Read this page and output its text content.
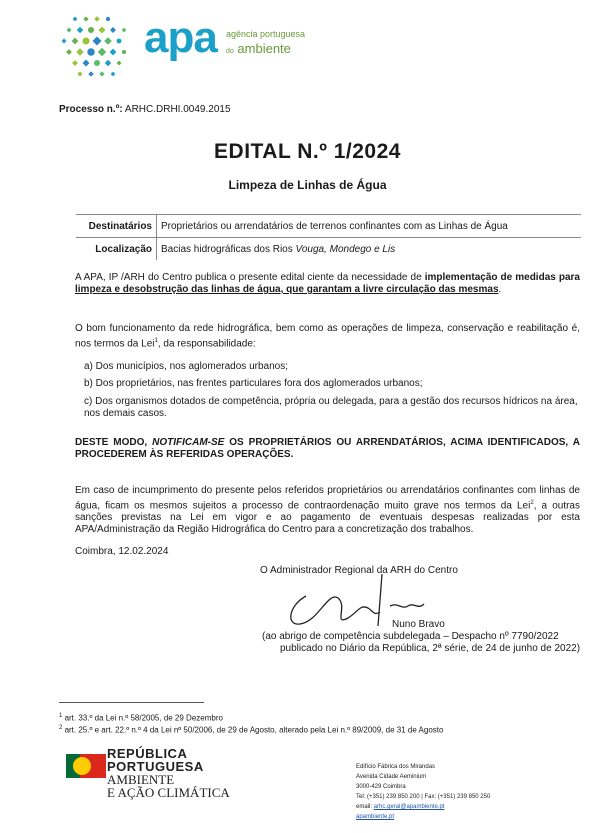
apa agência portuguesa
do ambiente
Processo n.º: ARHC.DRHI.0049.2015
EDITAL N.º 1/2024
Limpeza de Linhas de Água
Destinatários	Proprietários ou arrendatários de terrenos confinantes com as Linhas de Água
Localização	Bacias hidrográficas dos Rios Vouga, Mondego e Lis
A APA, IP /ARH do Centro publica o presente edital ciente da necessidade de implementação de medidas para limpeza e desobstrução das linhas de água, que garantam a livre circulação das mesmas.
O bom funcionamento da rede hidrográfica, bem como as operações de limpeza, conservação e reabilitação é, nos termos da Lei$^1$, da responsabilidade:
a) Dos municípios, nos aglomerados urbanos;
b) Dos proprietários, nas frentes particulares fora dos aglomerados urbanos;
c) Dos organismos dotados de competência, própria ou delegada, para a gestão dos recursos hídricos na área, nos demais casos.
DESTE MODO, NOTIFICAM-SE OS PROPRIETÁRIOS OU ARRENDATÁRIOS, ACIMA IDENTIFICADOS, A PROCEDEREM ÀS REFERIDAS OPERAÇÕES.
Em caso de incumprimento do presente pelos referidos proprietários ou arrendatários confinantes com linhas de água, ficam os mesmos sujeitos a processo de contraordenação muito grave nos termos da Lei$^2$, a outras sanções previstas na Lei em vigor e ao pagamento de eventuais despesas realizadas por esta APA/Administração da Região Hidrográfica do Centro para a concretização dos trabalhos.
Coimbra, 12.02.2024
O Administrador Regional da ARH do Centro
Nuno Bravo
(ao abrigo de competência subdelegada – Despacho nº 7790/2022
publicado no Diário da República, 2ª série, de 24 de junho de 2022)
$^1$ art. 33.º da Lei n.º 58/2005, de 29 Dezembro
$^2$ art. 25.º e art. 22.º n.º 4 da Lei nº 50/2006, de 29 de Agosto, alterado pela Lei n.º 89/2009, de 31 de Agosto
REPÚBLICA
PORTUGUESA
AMBIENTE
E AÇÃO CLIMÁTICA
Edifício Fábrica dos Mirandas
Avenida Cidade Aeminium
3000-429 Coimbra
Tel: (+351) 239 850 200 | Fax: (+351) 239 850 250
email: arhc.geral@apambiente.pt
apambiente.pt
